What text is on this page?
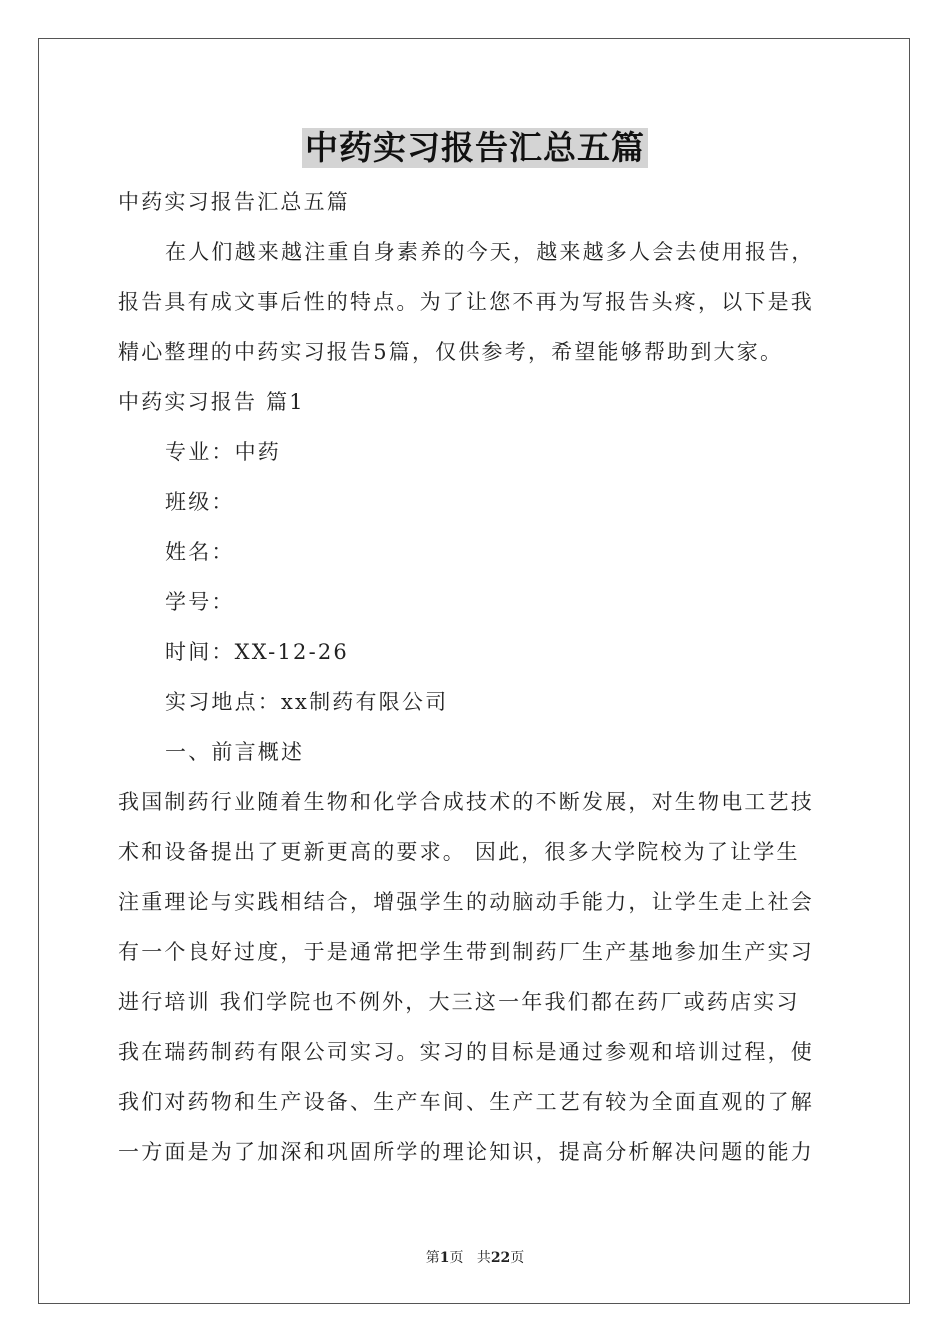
中药实习报告汇总五篇
中药实习报告汇总五篇
在人们越来越注重自身素养的今天，越来越多人会去使用报告，
报告具有成文事后性的特点。为了让您不再为写报告头疼，以下是我
精心整理的中药实习报告5篇，仅供参考，希望能够帮助到大家。
中药实习报告 篇1
专业：中药
班级：
姓名：
学号：
时间：XX-12-26
实习地点：xx制药有限公司
一、前言概述
我国制药行业随着生物和化学合成技术的不断发展，对生物电工艺技
术和设备提出了更新更高的要求。 因此，很多大学院校为了让学生
注重理论与实践相结合，增强学生的动脑动手能力，让学生走上社会
有一个良好过度，于是通常把学生带到制药厂生产基地参加生产实习
进行培训 我们学院也不例外，大三这一年我们都在药厂或药店实习
我在瑞药制药有限公司实习。实习的目标是通过参观和培训过程，使
我们对药物和生产设备、生产车间、生产工艺有较为全面直观的了解
一方面是为了加深和巩固所学的理论知识，提高分析解决问题的能力
第1页 共22页
